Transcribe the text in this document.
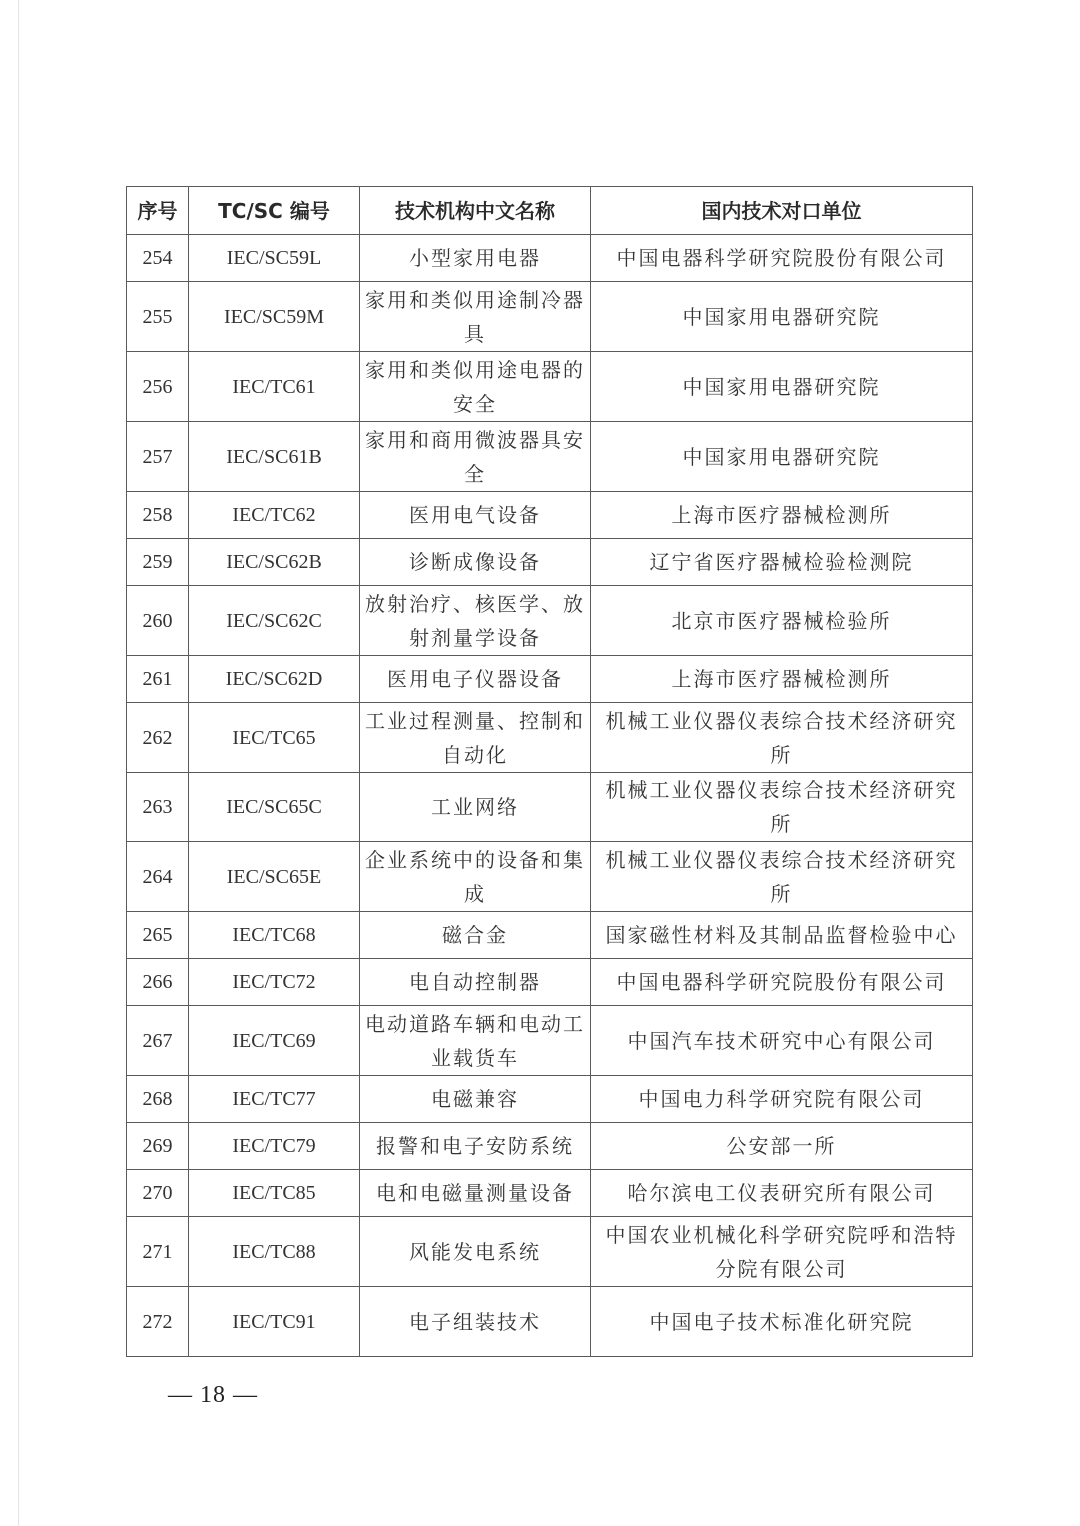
序号	TC/SC 编号	技术机构中文名称	国内技术对口单位
254	IEC/SC59L	小型家用电器	中国电器科学研究院股份有限公司
255	IEC/SC59M	家用和类似用途制冷器具	中国家用电器研究院
256	IEC/TC61	家用和类似用途电器的安全	中国家用电器研究院
257	IEC/SC61B	家用和商用微波器具安全	中国家用电器研究院
258	IEC/TC62	医用电气设备	上海市医疗器械检测所
259	IEC/SC62B	诊断成像设备	辽宁省医疗器械检验检测院
260	IEC/SC62C	放射治疗、核医学、放射剂量学设备	北京市医疗器械检验所
261	IEC/SC62D	医用电子仪器设备	上海市医疗器械检测所
262	IEC/TC65	工业过程测量、控制和自动化	机械工业仪器仪表综合技术经济研究所
263	IEC/SC65C	工业网络	机械工业仪器仪表综合技术经济研究所
264	IEC/SC65E	企业系统中的设备和集成	机械工业仪器仪表综合技术经济研究所
265	IEC/TC68	磁合金	国家磁性材料及其制品监督检验中心
266	IEC/TC72	电自动控制器	中国电器科学研究院股份有限公司
267	IEC/TC69	电动道路车辆和电动工业载货车	中国汽车技术研究中心有限公司
268	IEC/TC77	电磁兼容	中国电力科学研究院有限公司
269	IEC/TC79	报警和电子安防系统	公安部一所
270	IEC/TC85	电和电磁量测量设备	哈尔滨电工仪表研究所有限公司
271	IEC/TC88	风能发电系统	中国农业机械化科学研究院呼和浩特分院有限公司
272	IEC/TC91	电子组装技术	中国电子技术标准化研究院
— 18 —
